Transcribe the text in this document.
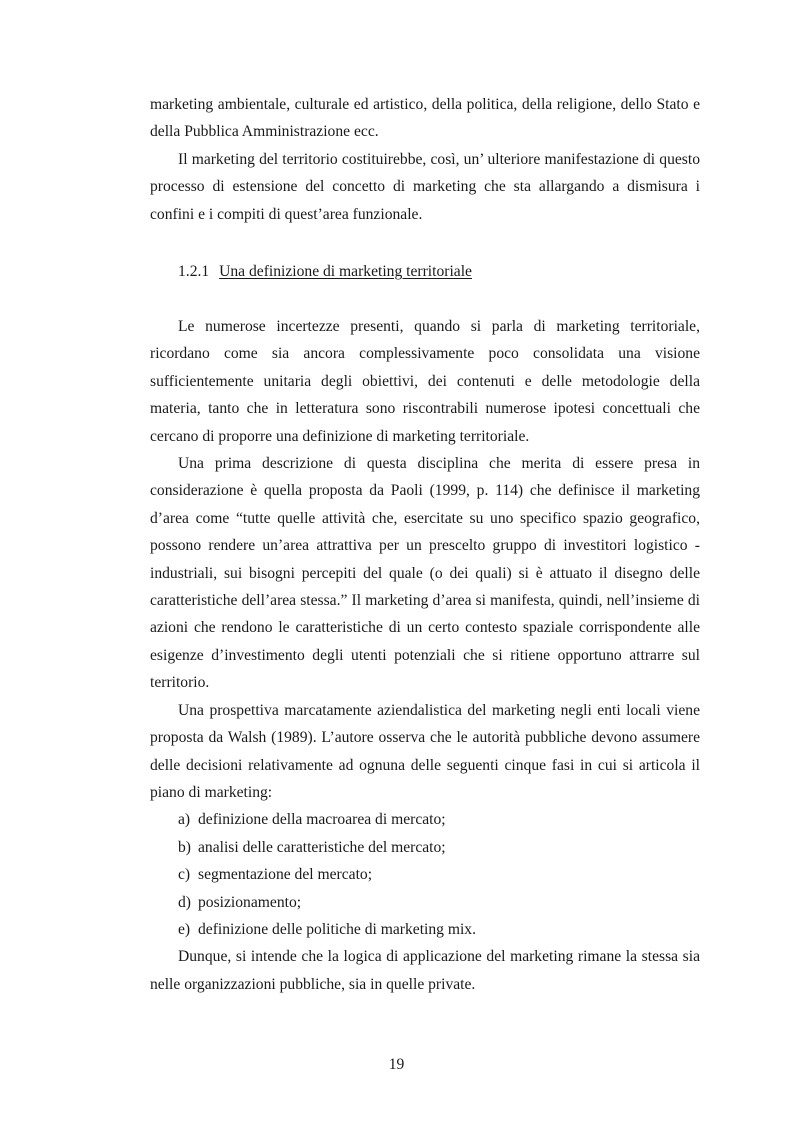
marketing ambientale, culturale ed artistico, della politica, della religione, dello Stato e della Pubblica Amministrazione ecc.

Il marketing del territorio costituirebbe, così, un’ ulteriore manifestazione di questo processo di estensione del concetto di marketing che sta allargando a dismisura i confini e i compiti di quest’area funzionale.

1.2.1 Una definizione di marketing territoriale

Le numerose incertezze presenti, quando si parla di marketing territoriale, ricordano come sia ancora complessivamente poco consolidata una visione sufficientemente unitaria degli obiettivi, dei contenuti e delle metodologie della materia, tanto che in letteratura sono riscontrabili numerose ipotesi concettuali che cercano di proporre una definizione di marketing territoriale.

Una prima descrizione di questa disciplina che merita di essere presa in considerazione è quella proposta da Paoli (1999, p. 114) che definisce il marketing d’area come “tutte quelle attività che, esercitate su uno specifico spazio geografico, possono rendere un’area attrattiva per un prescelto gruppo di investitori logistico - industriali, sui bisogni percepiti del quale (o dei quali) si è attuato il disegno delle caratteristiche dell’area stessa.” Il marketing d’area si manifesta, quindi, nell’insieme di azioni che rendono le caratteristiche di un certo contesto spaziale corrispondente alle esigenze d’investimento degli utenti potenziali che si ritiene opportuno attrarre sul territorio.

Una prospettiva marcatamente aziendalistica del marketing negli enti locali viene proposta da Walsh (1989). L’autore osserva che le autorità pubbliche devono assumere delle decisioni relativamente ad ognuna delle seguenti cinque fasi in cui si articola il piano di marketing:

a) definizione della macroarea di mercato;
b) analisi delle caratteristiche del mercato;
c) segmentazione del mercato;
d) posizionamento;
e) definizione delle politiche di marketing mix.

Dunque, si intende che la logica di applicazione del marketing rimane la stessa sia nelle organizzazioni pubbliche, sia in quelle private.

19
